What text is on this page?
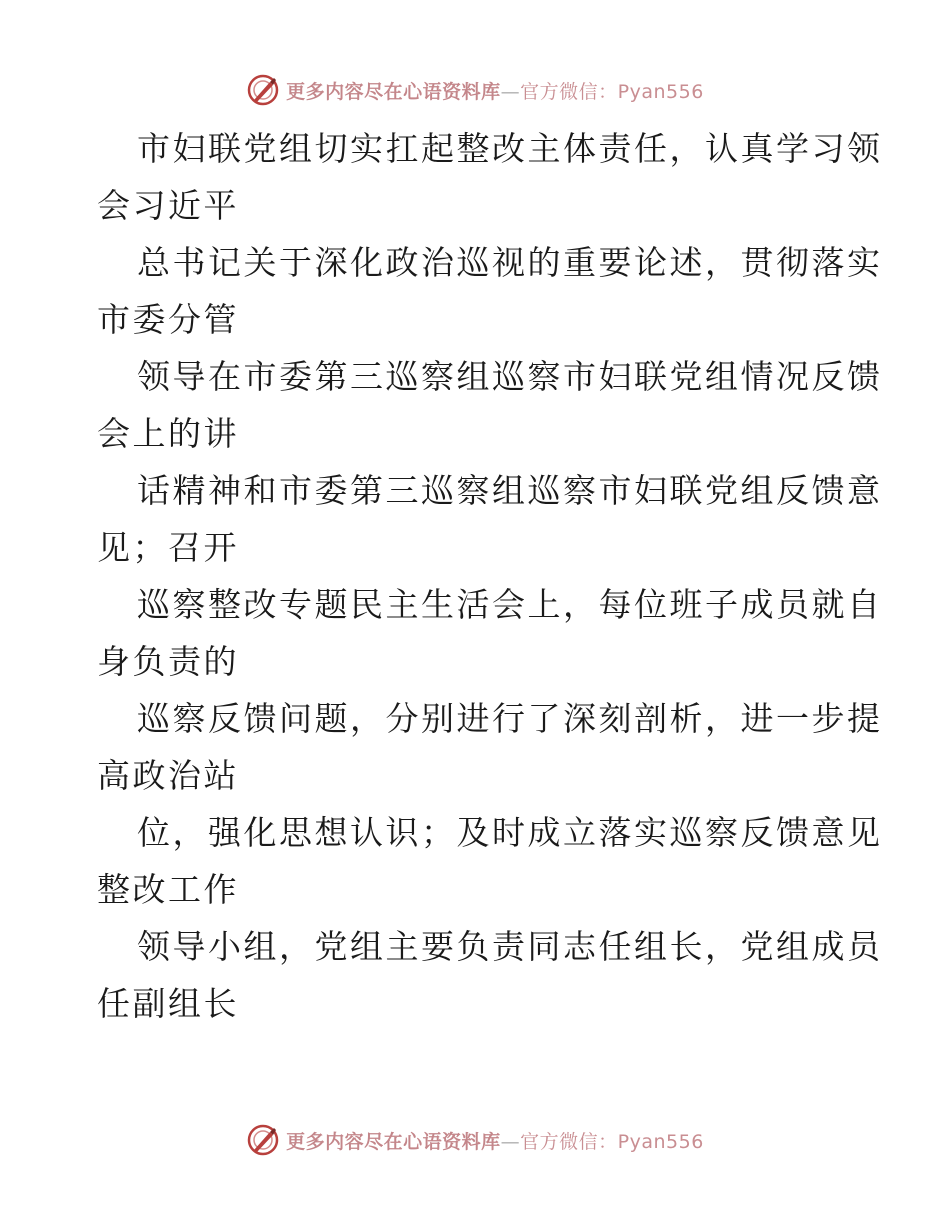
更多内容尽在心语资料库—官方微信：Pyan556

市妇联党组切实扛起整改主体责任，认真学习领
会习近平

总书记关于深化政治巡视的重要论述，贯彻落实
市委分管

领导在市委第三巡察组巡察市妇联党组情况反馈
会上的讲

话精神和市委第三巡察组巡察市妇联党组反馈意
见；召开

巡察整改专题民主生活会上，每位班子成员就自
身负责的

巡察反馈问题，分别进行了深刻剖析，进一步提
高政治站

位，强化思想认识；及时成立落实巡察反馈意见
整改工作

领导小组，党组主要负责同志任组长，党组成员
任副组长

更多内容尽在心语资料库—官方微信：Pyan556
